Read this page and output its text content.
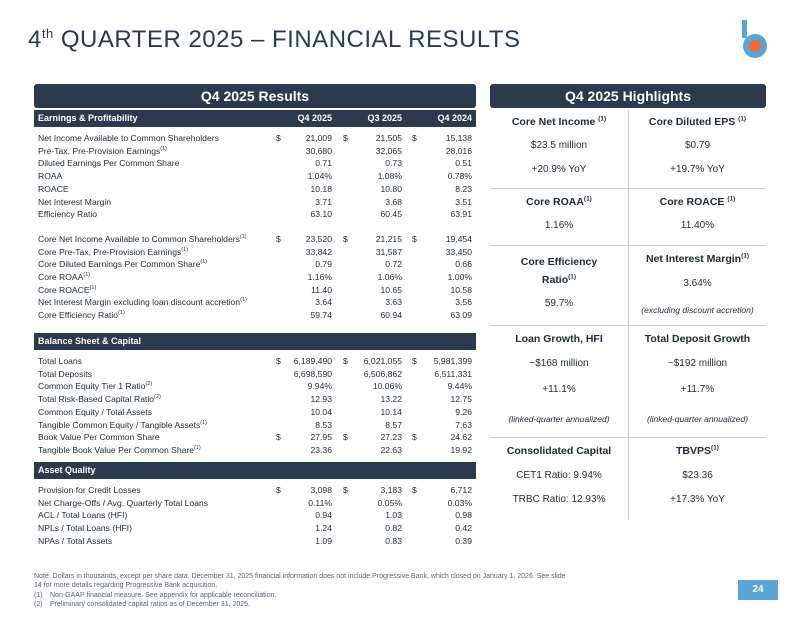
4th QUARTER 2025 – FINANCIAL RESULTS
Q4 2025 Results	Q4 2025 Highlights
Core Net Income $^{(1)}$
$23.5 million
+20.9% YoY
Core Diluted EPS $^{(1)}$
$0.79
+19.7% YoY
Core ROAA$^{(1)}$
1.16%
Core ROACE $^{(1)}$
11.40%
Core Efficiency
Ratio$^{(1)}$
59.7%
Net Interest Margin$^{(1)}$
3.64%
(excluding discount accretion)
Loan Growth, HFI
~$168 million
+11.1%
(linked-quarter annualized)
Total Deposit Growth
~$192 million
+11.7%
(linked-quarter annualized)
Consolidated Capital
CET1 Ratio: 9.94%
TRBC Ratio: 12.93%
TBVPS$^{(1)}$
$23.36
+17.3% YoY
Note: Dollars in thousands, except per share data. December 31, 2025 financial information does not include Progressive Bank, which closed on January 1, 2026. See slide
14 for more details regarding Progressive Bank acquisition.
(1) Non-GAAP financial measure. See appendix for applicable reconciliation.
(2) Preliminary consolidated capital ratios as of December 31, 2025.
24
Earnings & Profitability	Q4 2025	Q3 2025	Q4 2024
Net Income Available to Common Shareholders	$	21,009 $	21,505 $	15,138
Pre-Tax, Pre-Provision Earnings$^{(1)}$	30,680	32,065	28,016
Diluted Earnings Per Common Share	0.71	0.73	0.51
ROAA	1.04%	1.08%	0.78%
ROACE	10.18	10.80	8.23
Net Interest Margin	3.71	3.68	3.51
Efficiency Ratio	63.10	60.45	63.91
Core Net Income Available to Common Shareholders$^{(1)}$	$	23,520 $	21,215 $	19,454
Core Pre-Tax, Pre-Provision Earnings$^{(1)}$	33,842	31,587	33,450
Core Diluted Earnings Per Common Share$^{(1)}$	0.79	0.72	0.66
Core ROAA$^{(1)}$	1.16%	1.06%	1.00%
Core ROACE$^{(1)}$	11.40	10.65	10.58
Net Interest Margin excluding loan discount accretion$^{(1)}$	3.64	3.63	3.56
Core Efficiency Ratio$^{(1)}$	59.74	60.94	63.09
Balance Sheet & Capital
Total Loans	$	6,189,490 $	6,021,055 $	5,981,399
Total Deposits	6,698,590	6,506,862	6,511,331
Common Equity Tier 1 Ratio$^{(2)}$	9.94%	10.06%	9.44%
Total Risk-Based Capital Ratio$^{(2)}$	12.93	13.22	12.75
Common Equity / Total Assets	10.04	10.14	9.26
Tangible Common Equity / Tangible Assets$^{(1)}$	8.53	8.57	7.63
Book Value Per Common Share	$	27.95 $	27.23 $	24.62
Tangible Book Value Per Common Share$^{(1)}$	23.36	22.63	19.92
Asset Quality
Provision for Credit Losses	$	3,098 $	3,183 $	6,712
Net Charge-Offs / Avg. Quarterly Total Loans	0.11%	0.05%	0.03%
ACL / Total Loans (HFI)	0.94	1.03	0.98
NPLs / Total Loans (HFI)	1.24	0.82	0.42
NPAs / Total Assets	1.09	0.83	0.39
